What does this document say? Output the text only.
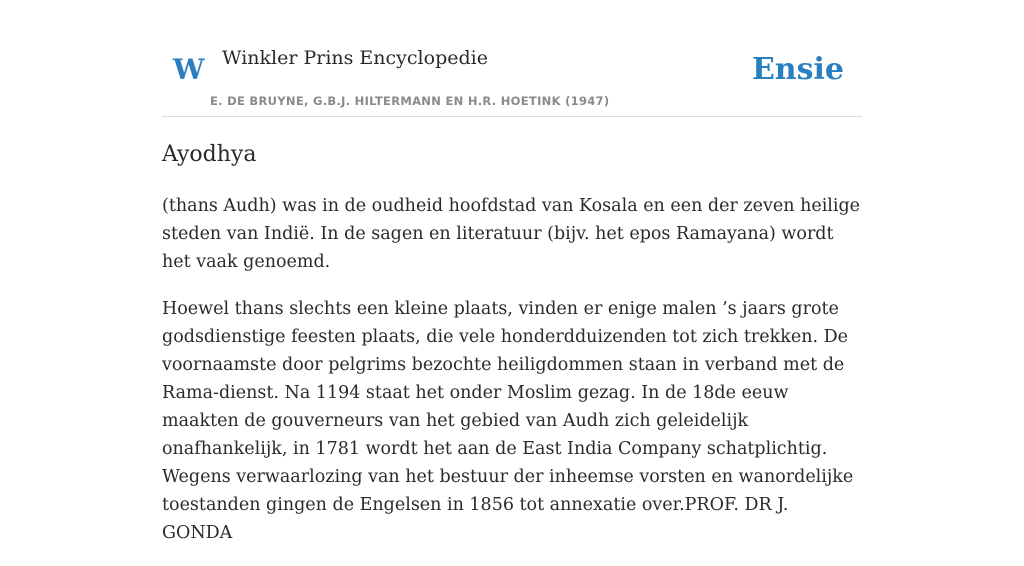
W Winkler Prins Encyclopedie
E. DE BRUYNE, G.B.J. HILTERMANN EN H.R. HOETINK (1947)
Ensie
Ayodhya

(thans Audh) was in de oudheid hoofdstad van Kosala en een der zeven heilige steden van Indië. In de sagen en literatuur (bijv. het epos Ramayana) wordt het vaak genoemd.

Hoewel thans slechts een kleine plaats, vinden er enige malen ’s jaars grote godsdienstige feesten plaats, die vele honderdduizenden tot zich trekken. De voornaamste door pelgrims bezochte heiligdommen staan in verband met de Rama-dienst. Na 1194 staat het onder Moslim gezag. In de 18de eeuw maakten de gouverneurs van het gebied van Audh zich geleidelijk onafhankelijk, in 1781 wordt het aan de East India Company schatplichtig. Wegens verwaarlozing van het bestuur der inheemse vorsten en wanordelijke toestanden gingen de Engelsen in 1856 tot annexatie over.PROF. DR J. GONDA
